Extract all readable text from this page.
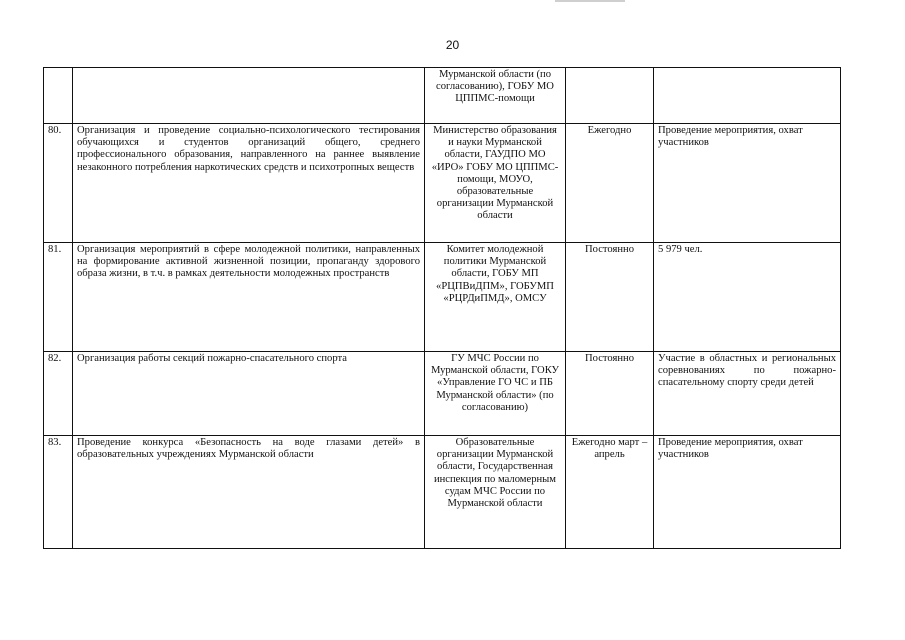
20
		Мурманской области (по согласованию), ГОБУ МО ЦППМС-помощи		
80.	Организация и проведение социально-психологического тестирования обучающихся и студентов организаций общего, среднего профессионального образования, направленного на раннее выявление незаконного потребления наркотических средств и психотропных веществ	Министерство образования и науки Мурманской области, ГАУДПО МО «ИРО» ГОБУ МО ЦППМС-помощи, МОУО, образовательные организации Мурманской области	Ежегодно	Проведение мероприятия, охват участников
81.	Организация мероприятий в сфере молодежной политики, направленных на формирование активной жизненной позиции, пропаганду здорового образа жизни, в т.ч. в рамках деятельности молодежных пространств	Комитет молодежной политики Мурманской области, ГОБУ МП «РЦПВиДПМ», ГОБУМП «РЦРДиПМД», ОМСУ	Постоянно	5 979 чел.
82.	Организация работы секций пожарно-спасательного спорта	ГУ МЧС России по Мурманской области, ГОКУ «Управление ГО ЧС и ПБ Мурманской области» (по согласованию)	Постоянно	Участие в областных и региональных соревнованиях по пожарно-спасательному спорту среди детей
83.	Проведение конкурса «Безопасность на воде глазами детей» в образовательных учреждениях Мурманской области	Образовательные организации Мурманской области, Государственная инспекция по маломерным судам МЧС России по Мурманской области	Ежегодно март – апрель	Проведение мероприятия, охват участников
